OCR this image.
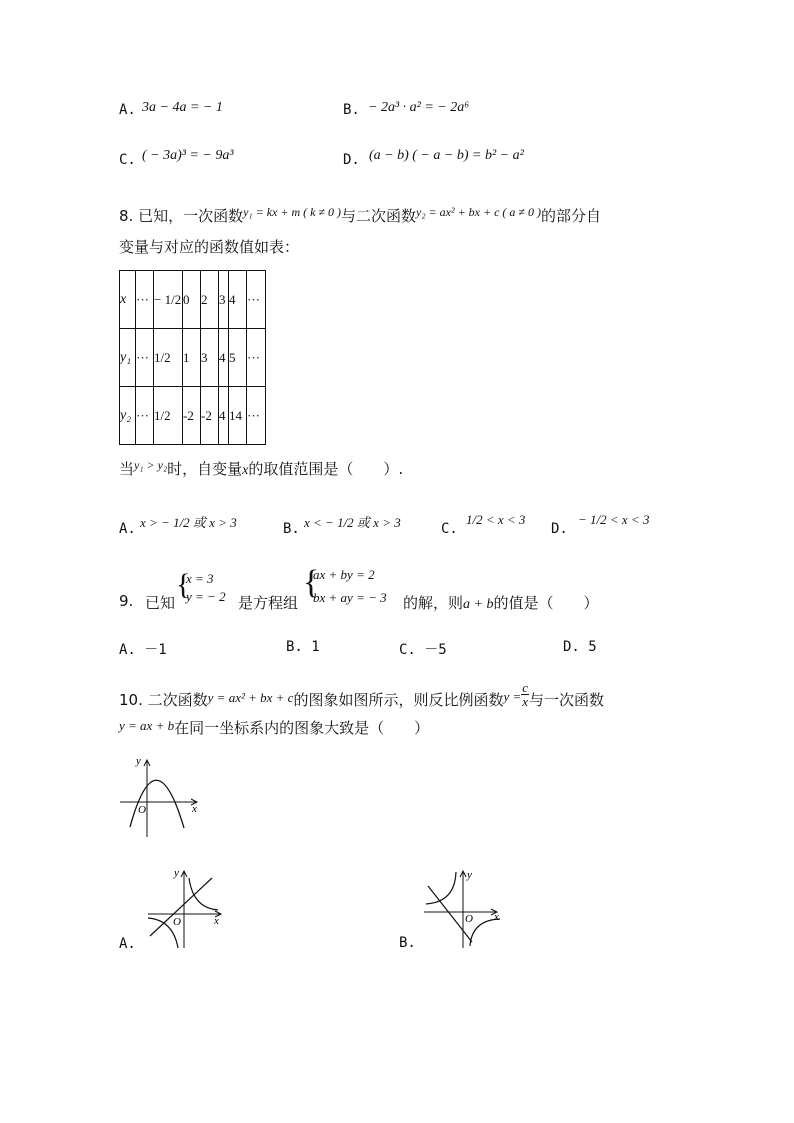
A. 3a − 4a = − 1	B. − 2a³ · a² = − 2a⁶
C. ( − 3a)³ = − 9a³	D. (a − b) ( − a − b) = b² − a²
8. 已知，一次函数$^{y_1 = kx + m ( k \ne 0 )}$与二次函数$^{y_2 = ax^2 + bx + c ( a \ne 0 )}$的部分自
变量与对应的函数值如表：
x	···	− 1/2	0	2	3	4	···
y₁	···	1/2	1	3	4	5	···
y₂	···	1/2	-2	-2	4	14	···
当$^{y_1 > y_2}$时，自变量x的取值范围是（　　）.
A. x > − 1/2 或 x > 3	B. x < − 1/2 或 x > 3	C.
1/2 < x < 3
D.
− 1/2 < x < 3
9. 已知
{
x = 3
y = − 2 是方程组
{
ax + by = 2
bx + ay = − 3 的解，则a + b的值是（　　）
A. －1	B. 1	C. －5	D. 5
10. 二次函数y = ax² + bx + c的图象如图所示，则反比例函数$y = \frac{c}{x}$ 与一次函数
y = ax + b在同一坐标系内的图象大致是（　　）
y
x
O
A.
y
x
O
B.
y
x
O
